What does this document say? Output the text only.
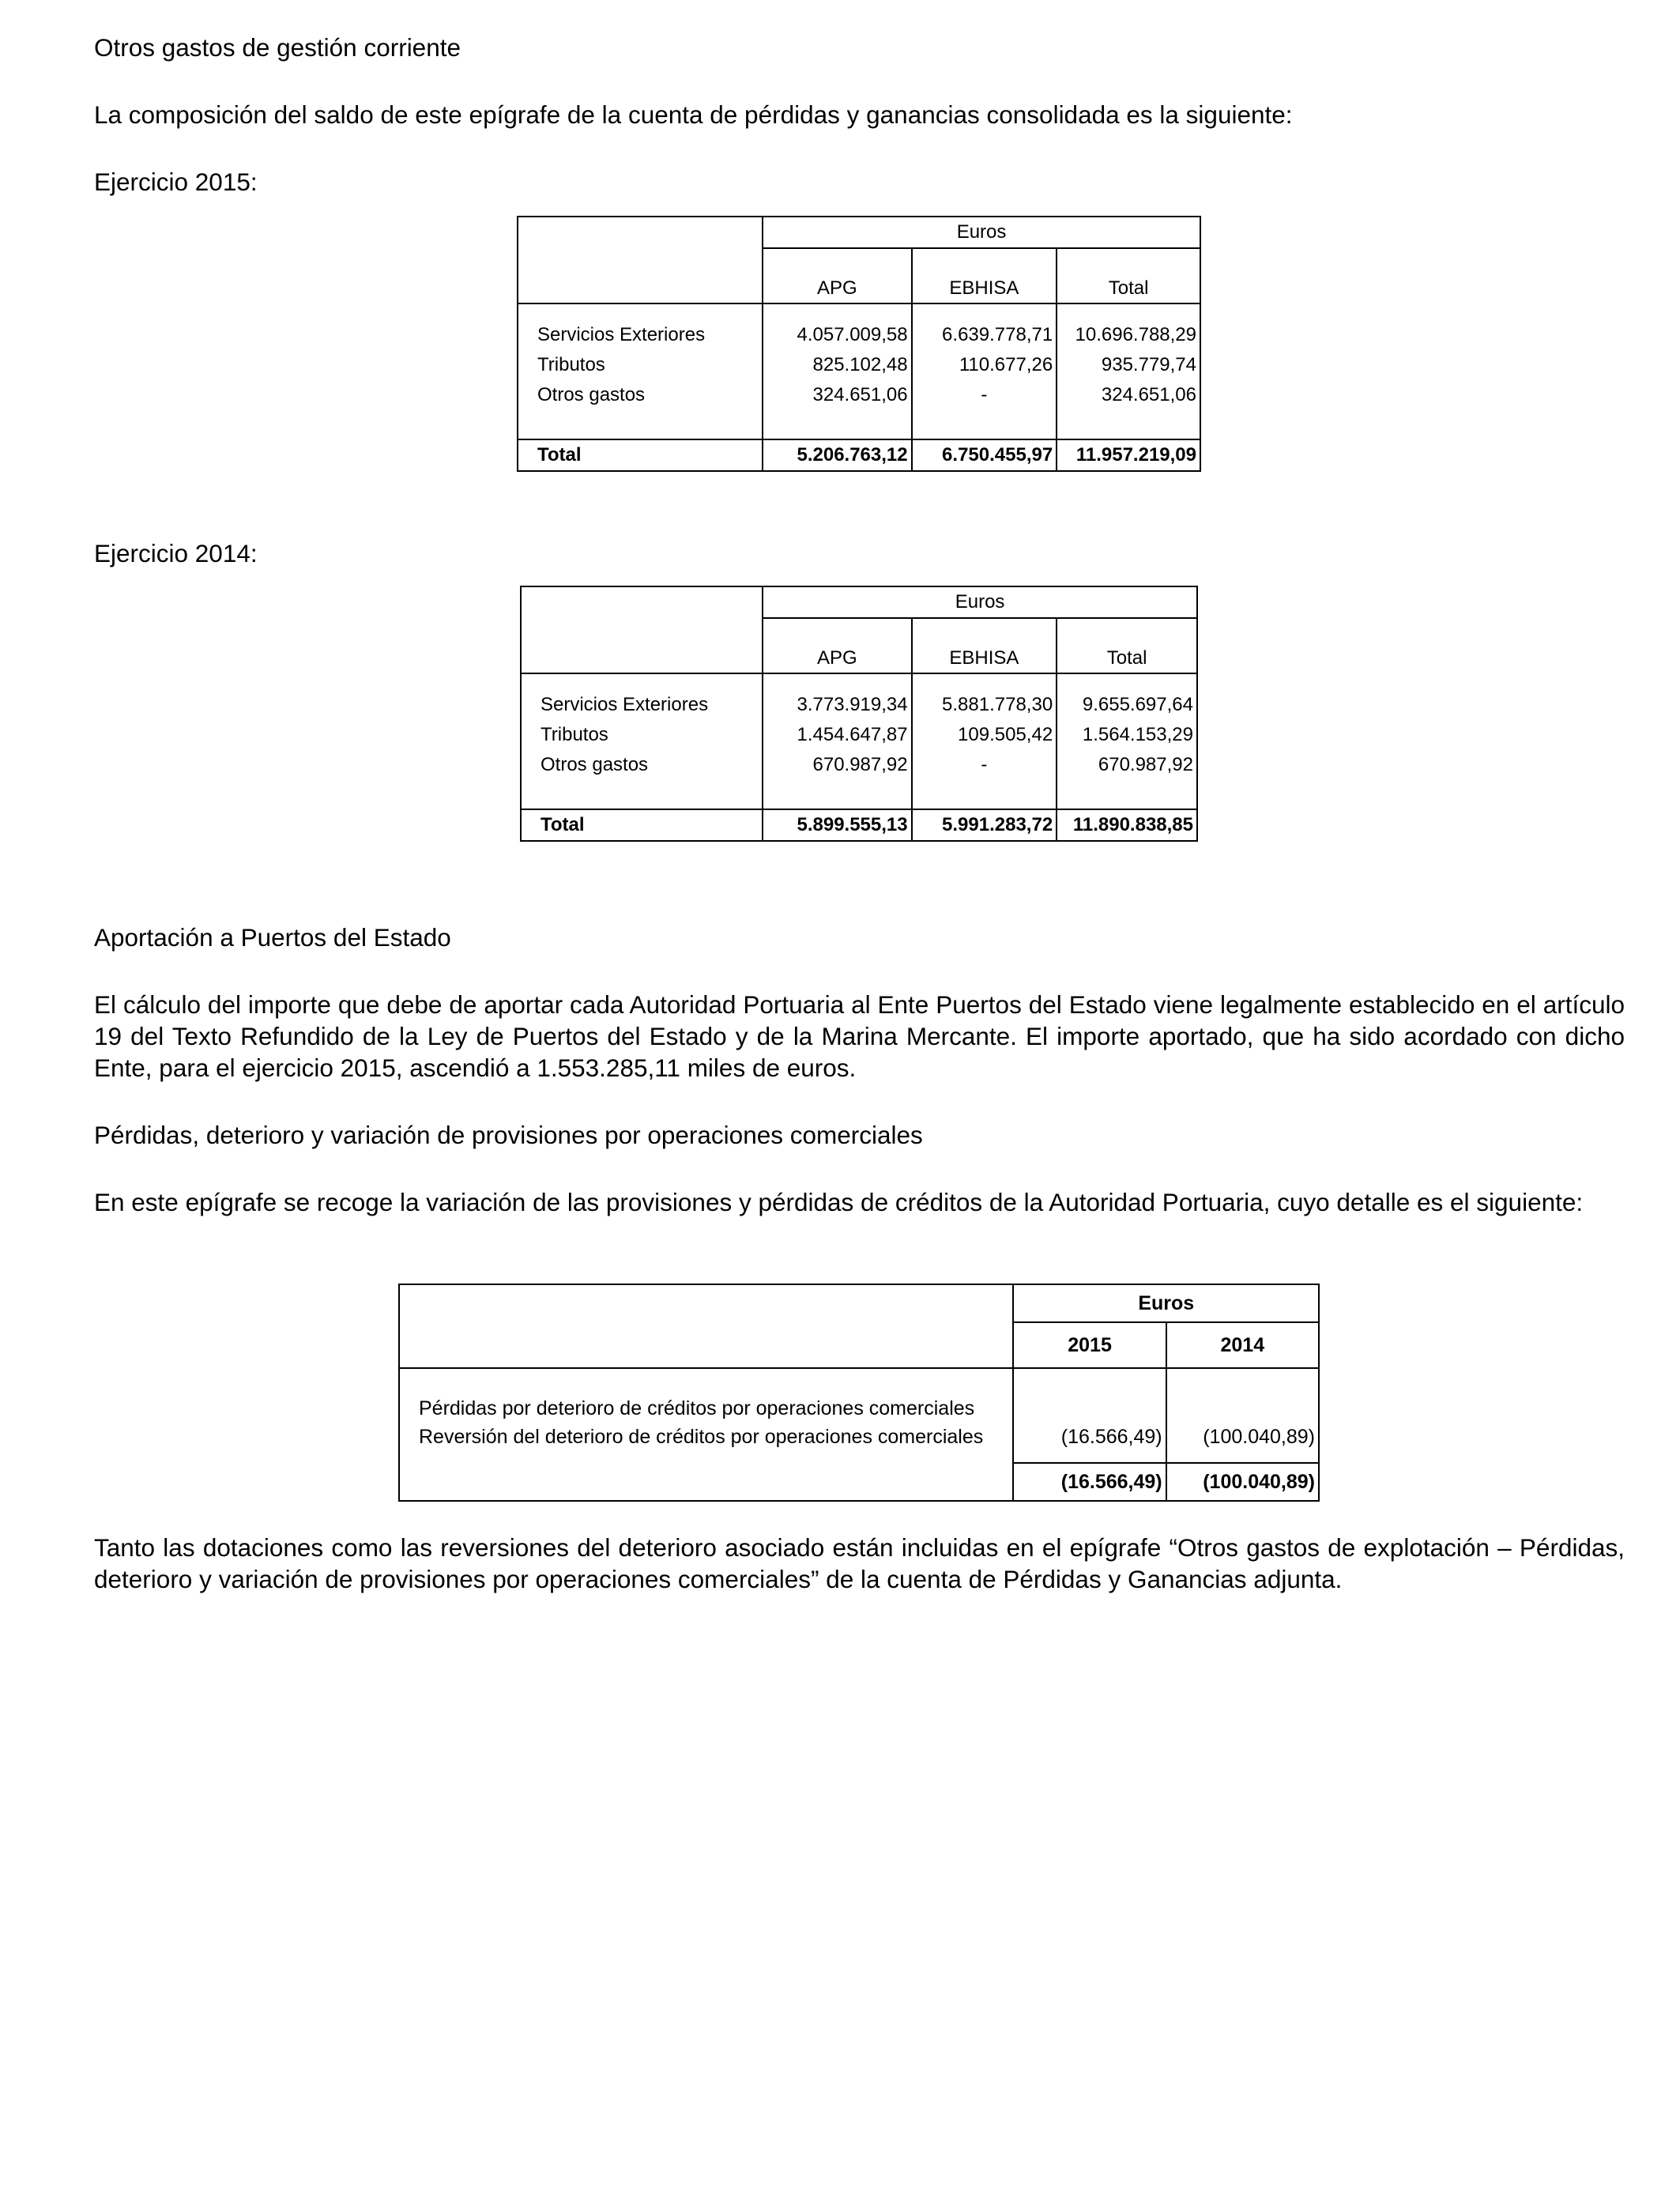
Otros gastos de gestión corriente

La composición del saldo de este epígrafe de la cuenta de pérdidas y ganancias consolidada es la siguiente:

Ejercicio 2015:

	Euros		
	APG	EBHISA	Total

Servicios Exteriores	4.057.009,58	6.639.778,71	10.696.788,29
Tributos	825.102,48	110.677,26	935.779,74
Otros gastos	324.651,06	-	324.651,06

Total	5.206.763,12	6.750.455,97	11.957.219,09

Ejercicio 2014:

	Euros		
	APG	EBHISA	Total

Servicios Exteriores	3.773.919,34	5.881.778,30	9.655.697,64
Tributos	1.454.647,87	109.505,42	1.564.153,29
Otros gastos	670.987,92	-	670.987,92

Total	5.899.555,13	5.991.283,72	11.890.838,85

Aportación a Puertos del Estado

El cálculo del importe que debe de aportar cada Autoridad Portuaria al Ente Puertos del Estado viene legalmente establecido en el artículo 19 del Texto Refundido de la Ley de Puertos del Estado y de la Marina Mercante. El importe aportado, que ha sido acordado con dicho Ente, para el ejercicio 2015, ascendió a 1.553.285,11 miles de euros.

Pérdidas, deterioro y variación de provisiones por operaciones comerciales

En este epígrafe se recoge la variación de las provisiones y pérdidas de créditos de la Autoridad Portuaria, cuyo detalle es el siguiente:

	Euros	
	2015	2014

Pérdidas por deterioro de créditos por operaciones comerciales		
Reversión del deterioro de créditos por operaciones comerciales	(16.566,49)	(100.040,89)

	(16.566,49)	(100.040,89)

Tanto las dotaciones como las reversiones del deterioro asociado están incluidas en el epígrafe “Otros gastos de explotación – Pérdidas, deterioro y variación de provisiones por operaciones comerciales” de la cuenta de Pérdidas y Ganancias adjunta.
